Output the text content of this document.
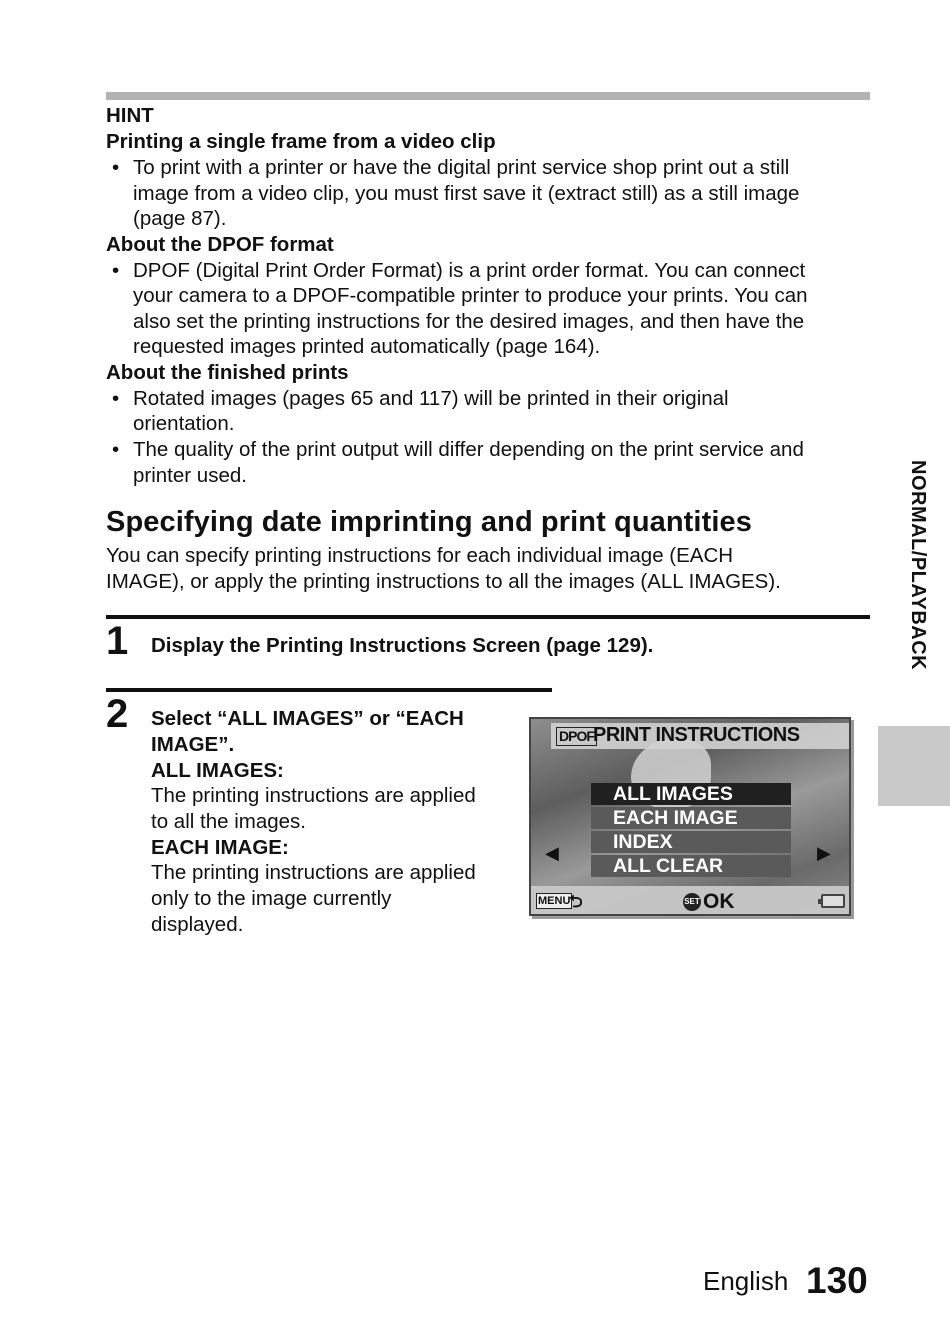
HINT
Printing a single frame from a video clip
• To print with a printer or have the digital print service shop print out a still
image from a video clip, you must first save it (extract still) as a still image
(page 87).
About the DPOF format
• DPOF (Digital Print Order Format) is a print order format. You can connect
your camera to a DPOF-compatible printer to produce your prints. You can
also set the printing instructions for the desired images, and then have the
requested images printed automatically (page 164).
About the finished prints
• Rotated images (pages 65 and 117) will be printed in their original
orientation.
• The quality of the print output will differ depending on the print service and
printer used.
Specifying date imprinting and print quantities
You can specify printing instructions for each individual image (EACH
IMAGE), or apply the printing instructions to all the images (ALL IMAGES).
1 Display the Printing Instructions Screen (page 129).
2 Select “ALL IMAGES” or “EACH
IMAGE”.
ALL IMAGES:
The printing instructions are applied
to all the images.
EACH IMAGE:
The printing instructions are applied
only to the image currently
displayed.
DPOF PRINT INSTRUCTIONS
ALL IMAGES
EACH IMAGE
INDEX
ALL CLEAR
◀	▶
MENU
⮌	SET OK
NORMAL/PLAYBACK
English 130
